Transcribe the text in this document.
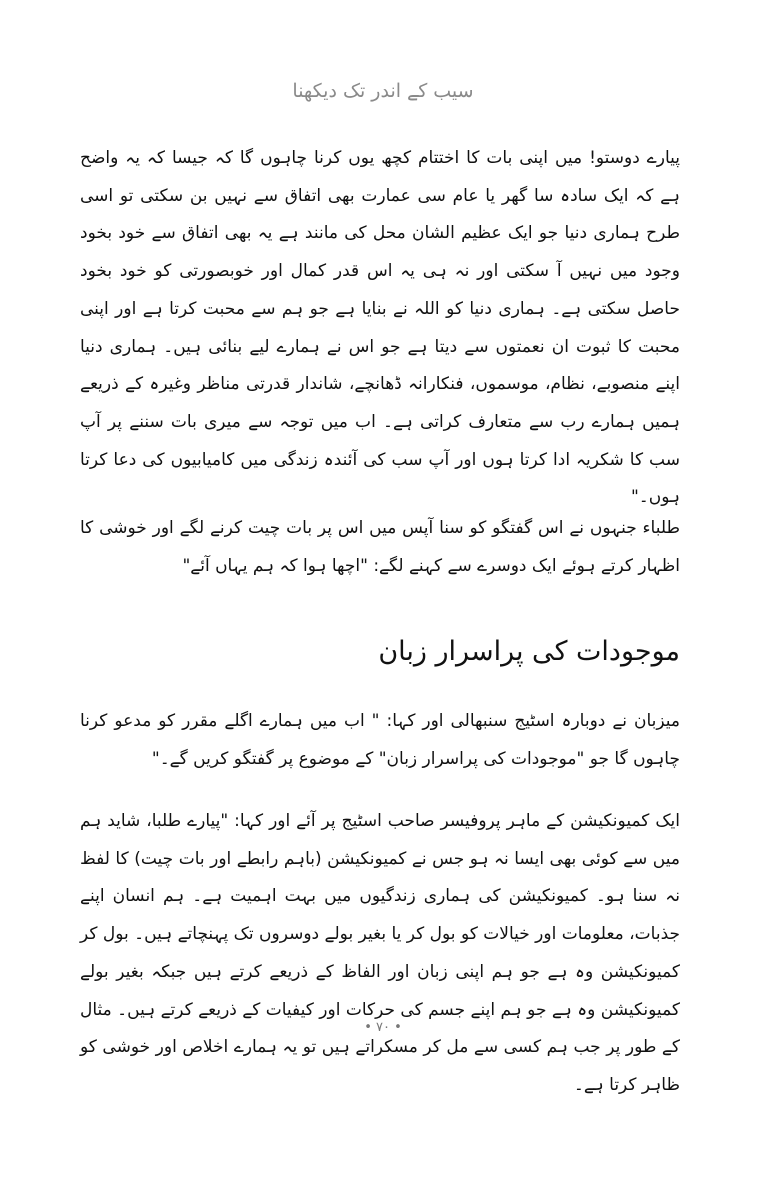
سیب کے اندر تک دیکھنا

پیارے دوستو! میں اپنی بات کا اختتام کچھ یوں کرنا چاہوں گا کہ جیسا کہ یہ واضح ہے کہ ایک سادہ سا گھر یا عام سی عمارت بھی اتفاق سے نہیں بن سکتی تو اسی طرح ہماری دنیا جو ایک عظیم الشان محل کی مانند ہے یہ بھی اتفاق سے خود بخود وجود میں نہیں آ سکتی اور نہ ہی یہ اس قدر کمال اور خوبصورتی کو خود بخود حاصل سکتی ہے۔ ہماری دنیا کو اللہ نے بنایا ہے جو ہم سے محبت کرتا ہے اور اپنی محبت کا ثبوت ان نعمتوں سے دیتا ہے جو اس نے ہمارے لیے بنائی ہیں۔ ہماری دنیا اپنے منصوبے، نظام، موسموں، فنکارانہ ڈھانچے، شاندار قدرتی مناظر وغیرہ کے ذریعے ہمیں ہمارے رب سے متعارف کراتی ہے۔ اب میں توجہ سے میری بات سننے پر آپ سب کا شکریہ ادا کرتا ہوں اور آپ سب کی آئندہ زندگی میں کامیابیوں کی دعا کرتا ہوں۔"

طلباء جنہوں نے اس گفتگو کو سنا آپس میں اس پر بات چیت کرنے لگے اور خوشی کا اظہار کرتے ہوئے ایک دوسرے سے کہنے لگے: "اچھا ہوا کہ ہم یہاں آئے"

موجودات کی پراسرار زبان

میزبان نے دوبارہ اسٹیج سنبھالی اور کہا: " اب میں ہمارے اگلے مقرر کو مدعو کرنا چاہوں گا جو "موجودات کی پراسرار زبان" کے موضوع پر گفتگو کریں گے۔"

ایک کمیونکیشن کے ماہر پروفیسر صاحب اسٹیج پر آئے اور کہا: "پیارے طلبا، شاید ہم میں سے کوئی بھی ایسا نہ ہو جس نے کمیونکیشن (باہم رابطے اور بات چیت) کا لفظ نہ سنا ہو۔ کمیونکیشن کی ہماری زندگیوں میں بہت اہمیت ہے۔ ہم انسان اپنے جذبات، معلومات اور خیالات کو بول کر یا بغیر بولے دوسروں تک پہنچاتے ہیں۔ بول کر کمیونکیشن وہ ہے جو ہم اپنی زبان اور الفاظ کے ذریعے کرتے ہیں جبکہ بغیر بولے کمیونکیشن وہ ہے جو ہم اپنے جسم کی حرکات اور کیفیات کے ذریعے کرتے ہیں۔ مثال کے طور پر جب ہم کسی سے مل کر مسکراتے ہیں تو یہ ہمارے اخلاص اور خوشی کو ظاہر کرتا ہے۔

• ۷۰ •
